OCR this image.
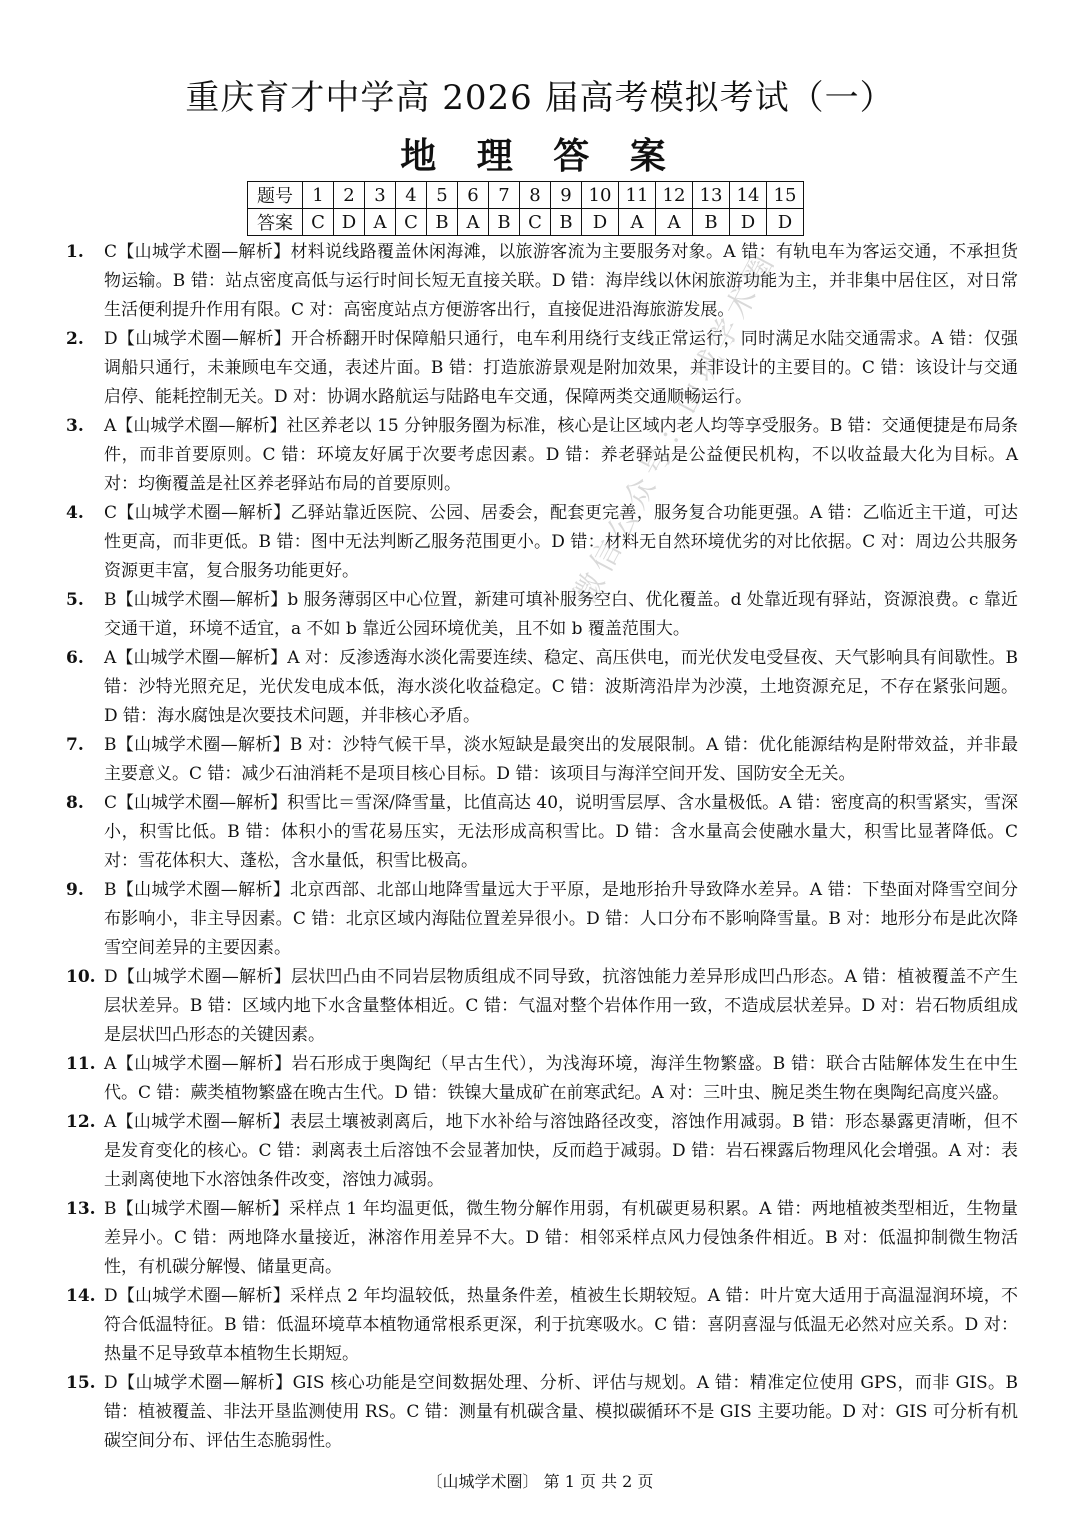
重庆育才中学高 2026 届高考模拟考试（一）
地 理 答 案
题号	1	2	3	4	5	6	7	8	9	10	11	12	13	14	15
答案	C	D	A	C	B	A	B	C	B	D	A	A	B	D	D
1. C【山城学术圈—解析】材料说线路覆盖休闲海滩，以旅游客流为主要服务对象。A 错：有轨电车为客运交通，不承担货物运输。B 错：站点密度高低与运行时间长短无直接关联。D 错：海岸线以休闲旅游功能为主，并非集中居住区，对日常生活便利提升作用有限。C 对：高密度站点方便游客出行，直接促进沿海旅游发展。
2. D【山城学术圈—解析】开合桥翻开时保障船只通行，电车利用绕行支线正常运行，同时满足水陆交通需求。A 错：仅强调船只通行，未兼顾电车交通，表述片面。B 错：打造旅游景观是附加效果，并非设计的主要目的。C 错：该设计与交通启停、能耗控制无关。D 对：协调水路航运与陆路电车交通，保障两类交通顺畅运行。
3. A【山城学术圈—解析】社区养老以 15 分钟服务圈为标准，核心是让区域内老人均等享受服务。B 错：交通便捷是布局条件，而非首要原则。C 错：环境友好属于次要考虑因素。D 错：养老驿站是公益便民机构，不以收益最大化为目标。A 对：均衡覆盖是社区养老驿站布局的首要原则。
4. C【山城学术圈—解析】乙驿站靠近医院、公园、居委会，配套更完善，服务复合功能更强。A 错：乙临近主干道，可达性更高，而非更低。B 错：图中无法判断乙服务范围更小。D 错：材料无自然环境优劣的对比依据。C 对：周边公共服务资源更丰富，复合服务功能更好。
5. B【山城学术圈—解析】b 服务薄弱区中心位置，新建可填补服务空白、优化覆盖。d 处靠近现有驿站，资源浪费。c 靠近交通干道，环境不适宜，a 不如 b 靠近公园环境优美，且不如 b 覆盖范围大。
6. A【山城学术圈—解析】A 对：反渗透海水淡化需要连续、稳定、高压供电，而光伏发电受昼夜、天气影响具有间歇性。B 错：沙特光照充足，光伏发电成本低，海水淡化收益稳定。C 错：波斯湾沿岸为沙漠，土地资源充足，不存在紧张问题。D 错：海水腐蚀是次要技术问题，并非核心矛盾。
7. B【山城学术圈—解析】B 对：沙特气候干旱，淡水短缺是最突出的发展限制。A 错：优化能源结构是附带效益，并非最主要意义。C 错：减少石油消耗不是项目核心目标。D 错：该项目与海洋空间开发、国防安全无关。
8. C【山城学术圈—解析】积雪比＝雪深/降雪量，比值高达 40，说明雪层厚、含水量极低。A 错：密度高的积雪紧实，雪深小，积雪比低。B 错：体积小的雪花易压实，无法形成高积雪比。D 错：含水量高会使融水量大，积雪比显著降低。C 对：雪花体积大、蓬松，含水量低，积雪比极高。
9. B【山城学术圈—解析】北京西部、北部山地降雪量远大于平原，是地形抬升导致降水差异。A 错：下垫面对降雪空间分布影响小，非主导因素。C 错：北京区域内海陆位置差异很小。D 错：人口分布不影响降雪量。B 对：地形分布是此次降雪空间差异的主要因素。
10. D【山城学术圈—解析】层状凹凸由不同岩层物质组成不同导致，抗溶蚀能力差异形成凹凸形态。A 错：植被覆盖不产生层状差异。B 错：区域内地下水含量整体相近。C 错：气温对整个岩体作用一致，不造成层状差异。D 对：岩石物质组成是层状凹凸形态的关键因素。
11. A【山城学术圈—解析】岩石形成于奥陶纪（早古生代），为浅海环境，海洋生物繁盛。B 错：联合古陆解体发生在中生代。C 错：蕨类植物繁盛在晚古生代。D 错：铁镍大量成矿在前寒武纪。A 对：三叶虫、腕足类生物在奥陶纪高度兴盛。
12. A【山城学术圈—解析】表层土壤被剥离后，地下水补给与溶蚀路径改变，溶蚀作用减弱。B 错：形态暴露更清晰，但不是发育变化的核心。C 错：剥离表土后溶蚀不会显著加快，反而趋于减弱。D 错：岩石裸露后物理风化会增强。A 对：表土剥离使地下水溶蚀条件改变，溶蚀力减弱。
13. B【山城学术圈—解析】采样点 1 年均温更低，微生物分解作用弱，有机碳更易积累。A 错：两地植被类型相近，生物量差异小。C 错：两地降水量接近，淋溶作用差异不大。D 错：相邻采样点风力侵蚀条件相近。B 对：低温抑制微生物活性，有机碳分解慢、储量更高。
14. D【山城学术圈—解析】采样点 2 年均温较低，热量条件差，植被生长期较短。A 错：叶片宽大适用于高温湿润环境，不符合低温特征。B 错：低温环境草本植物通常根系更深，利于抗寒吸水。C 错：喜阴喜湿与低温无必然对应关系。D 对：热量不足导致草本植物生长期短。
15. D【山城学术圈—解析】GIS 核心功能是空间数据处理、分析、评估与规划。A 错：精准定位使用 GPS，而非 GIS。B 错：植被覆盖、非法开垦监测使用 RS。C 错：测量有机碳含量、模拟碳循环不是 GIS 主要功能。D 对：GIS 可分析有机碳空间分布、评估生态脆弱性。
微信公众号：山城学术圈
〔山城学术圈〕 第 1 页 共 2 页
